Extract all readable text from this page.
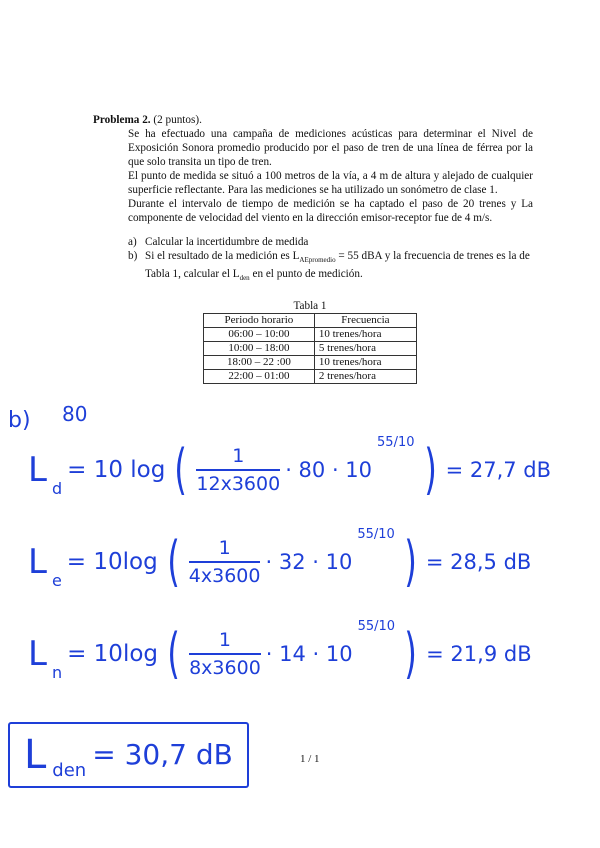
Problema 2. (2 puntos).
Se ha efectuado una campaña de mediciones acústicas para determinar el Nivel de Exposición Sonora promedio producido por el paso de tren de una línea de férrea por la que solo transita un tipo de tren.
El punto de medida se situó a 100 metros de la vía, a 4 m de altura y alejado de cualquier superficie reflectante. Para las mediciones se ha utilizado un sonómetro de clase 1.
Durante el intervalo de tiempo de medición se ha captado el paso de 20 trenes y La componente de velocidad del viento en la dirección emisor-receptor fue de 4 m/s.
a) Calcular la incertidumbre de medida
b) Si el resultado de la medición es $L_{AEpromedio} = 55$ dBA y la frecuencia de trenes es la de Tabla 1, calcular el $L_{den}$ en el punto de medición.
Tabla 1
Periodo horario	Frecuencia
06:00 – 10:00	10 trenes/hora
10:00 – 18:00	5 trenes/hora
18:00 – 22 :00	10 trenes/hora
22:00 – 01:00	2 trenes/hora
b) 80
L d
= 10 log ( $\frac{1}{12x3600} \cdot 80 \cdot 10$
55/10 ) = 27,7 dB
L e
= 10log ( $\frac{1}{4x3600} \cdot 32 \cdot 10$
55/10 ) = 28,5 dB
L n
= 10log ( $\frac{1}{8x3600} \cdot 14 \cdot 10$
55/10 ) = 21,9 dB
L den = 30,7 dB	1 / 1
